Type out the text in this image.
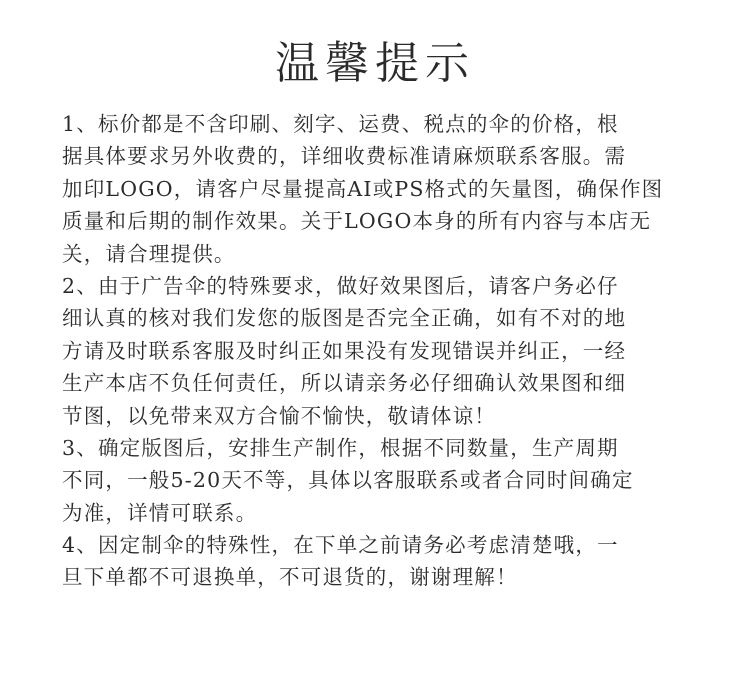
温馨提示
1、标价都是不含印刷、刻字、运费、税点的伞的价格，根
据具体要求另外收费的，详细收费标准请麻烦联系客服。需
加印LOGO，请客户尽量提高AI或PS格式的矢量图，确保作图
质量和后期的制作效果。关于LOGO本身的所有内容与本店无
关，请合理提供。
2、由于广告伞的特殊要求，做好效果图后，请客户务必仔
细认真的核对我们发您的版图是否完全正确，如有不对的地
方请及时联系客服及时纠正如果没有发现错误并纠正，一经
生产本店不负任何责任，所以请亲务必仔细确认效果图和细
节图，以免带来双方合愉不愉快，敬请体谅！
3、确定版图后，安排生产制作，根据不同数量，生产周期
不同，一般5-20天不等，具体以客服联系或者合同时间确定
为准，详情可联系。
4、因定制伞的特殊性，在下单之前请务必考虑清楚哦，一
旦下单都不可退换单，不可退货的，谢谢理解！
